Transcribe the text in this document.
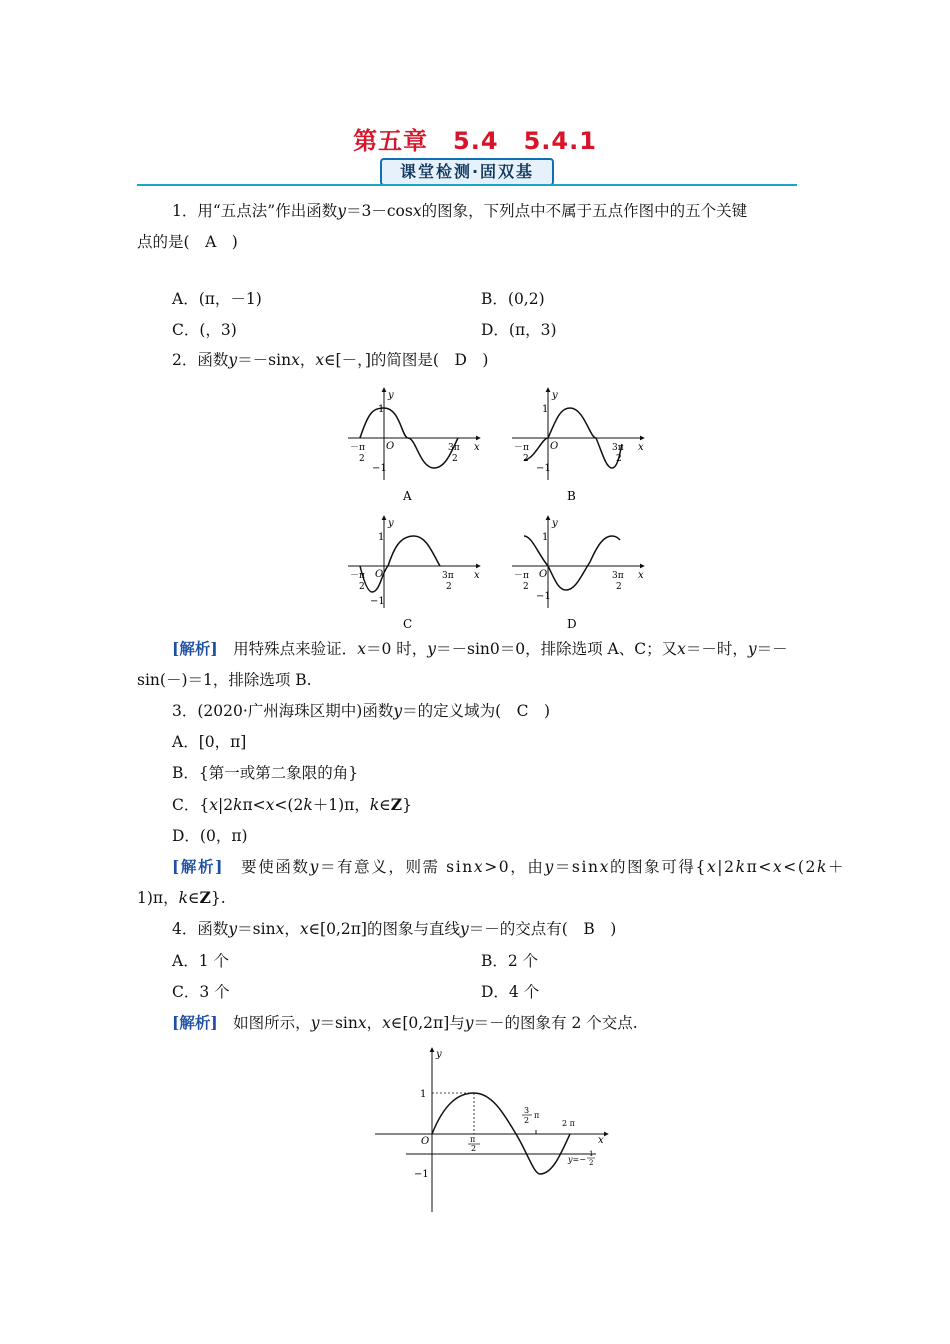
第五章　5.4　5.4.1
课堂检测·固双基
1．用“五点法”作出函数y＝3－cosx的图象，下列点中不属于五点作图中的五个关键
点的是(　A　)
A．(π，－1)	B．(0,2)
C．(，3)	D．(π，3)
2．函数y＝－sinx，x∈[－，]的简图是(　D　)
1
−1
O
y
x
－π
2
3π
2
A
1
−1
O
y
x
－π
2
3π
2
B
1
−1
O
y
x
－π
2
3π
2
C
1
−1
O
y
x
－π
2
3π
2
D
[解析]　用特殊点来验证．x＝0 时，y＝－sin0＝0，排除选项 A、C；又x＝－时，y＝－
sin(－)＝1，排除选项 B.
3．(2020·广州海珠区期中)函数y＝的定义域为(　C　)
A．[0，π]
B．{第一或第二象限的角}
C．{x|2kπ<x<(2k＋1)π，k∈Z}
D．(0，π)
[解析]　要使函数y＝有意义，则需 sinx>0，由y＝sinx的图象可得{x|2kπ<x<(2k＋
1)π，k∈Z}.
4．函数y＝sinx，x∈[0,2π]的图象与直线y＝－的交点有(　B　)
A．1 个	B．2 个
C．3 个	D．4 个
[解析]　如图所示，y＝sinx，x∈[0,2π]与y＝－的图象有 2 个交点.
y
x
1
−1
O	π
2
3
2
π
2 π
y=−
1
2
